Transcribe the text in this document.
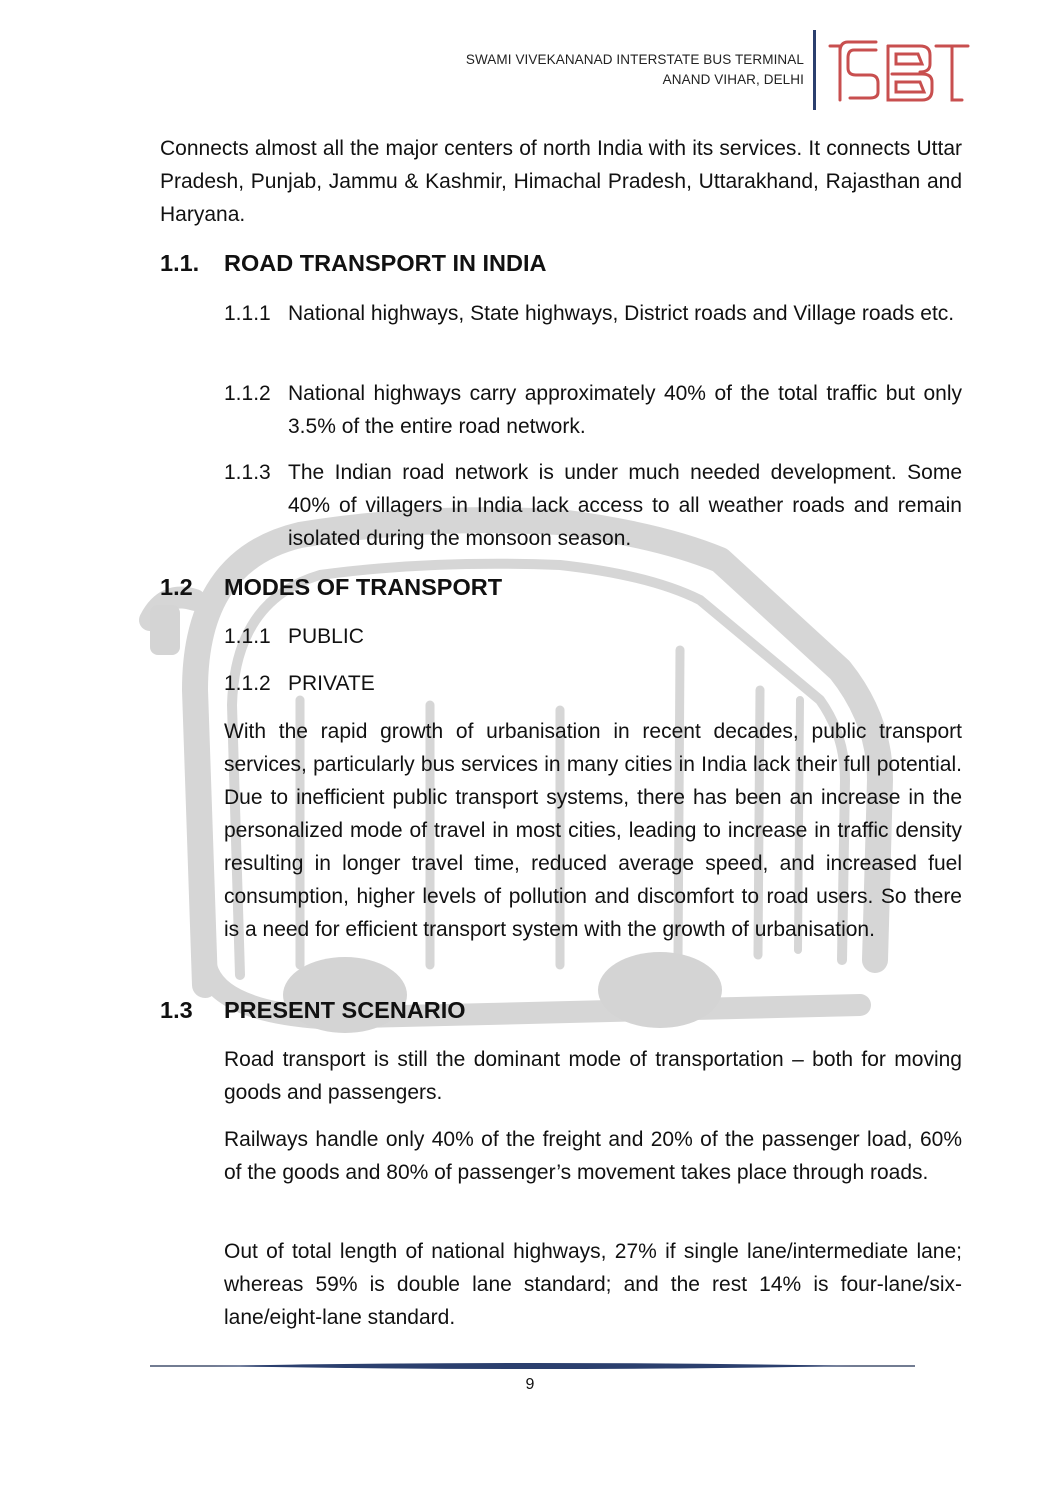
SWAMI VIVEKANANAD INTERSTATE BUS TERMINAL
ANAND VIHAR, DELHI

Connects almost all the major centers of north India with its services. It connects Uttar Pradesh, Punjab, Jammu & Kashmir, Himachal Pradesh, Uttarakhand, Rajasthan and Haryana.

1.1. ROAD TRANSPORT IN INDIA
1.1.1 National highways, State highways, District roads and Village roads etc.

1.1.2 National highways carry approximately 40% of the total traffic but only 3.5% of the entire road network.

1.1.3 The Indian road network is under much needed development. Some 40% of villagers in India lack access to all weather roads and remain isolated during the monsoon season.

1.2 MODES OF TRANSPORT
1.1.1 PUBLIC
1.1.2 PRIVATE

With the rapid growth of urbanisation in recent decades, public transport services, particularly bus services in many cities in India lack their full potential. Due to inefficient public transport systems, there has been an increase in the personalized mode of travel in most cities, leading to increase in traffic density resulting in longer travel time, reduced average speed, and increased fuel consumption, higher levels of pollution and discomfort to road users. So there is a need for efficient transport system with the growth of urbanisation.

1.3 PRESENT SCENARIO

Road transport is still the dominant mode of transportation – both for moving goods and passengers.

Railways handle only 40% of the freight and 20% of the passenger load, 60% of the goods and 80% of passenger’s movement takes place through roads.

Out of total length of national highways, 27% if single lane/intermediate lane; whereas 59% is double lane standard; and the rest 14% is four-lane/six-lane/eight-lane standard.

9
